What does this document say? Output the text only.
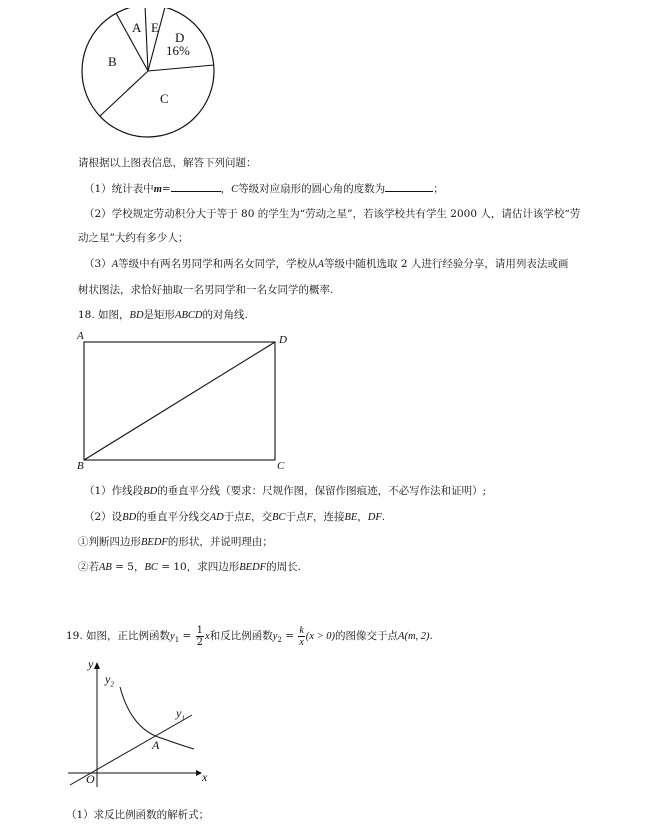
A E
D
16%
B
C
请根据以上图表信息，解答下列问题：
（1）统计表中m=	，C等级对应扇形的圆心角的度数为	；
（2）学校规定劳动积分大于等于 80 的学生为“劳动之星”，若该学校共有学生 2000 人，请估计该学校“劳
动之星”大约有多少人；
（3）A等级中有两名男同学和两名女同学，学校从A等级中随机选取 2 人进行经验分享，请用列表法或画
树状图法，求恰好抽取一名男同学和一名女同学的概率.
18. 如图，BD是矩形ABCD的对角线.
A	D
B	C
（1）作线段BD的垂直平分线（要求：尺规作图，保留作图痕迹，不必写作法和证明）;
（2）设BD的垂直平分线交AD于点E，交BC于点F，连接BE，DF.
①判断四边形BEDF的形状，并说明理由；
②若AB = 5，BC = 10，求四边形BEDF的周长.
19. 如图，正比例函数$y_1 = \frac{1}{2}$ x和反比例函数$y_2 = \frac{k}{x} (x > 0)$的图像交于点A(m, 2).
y
$y_2$
$y_1$
A
O	x
（1）求反比例函数的解析式；
